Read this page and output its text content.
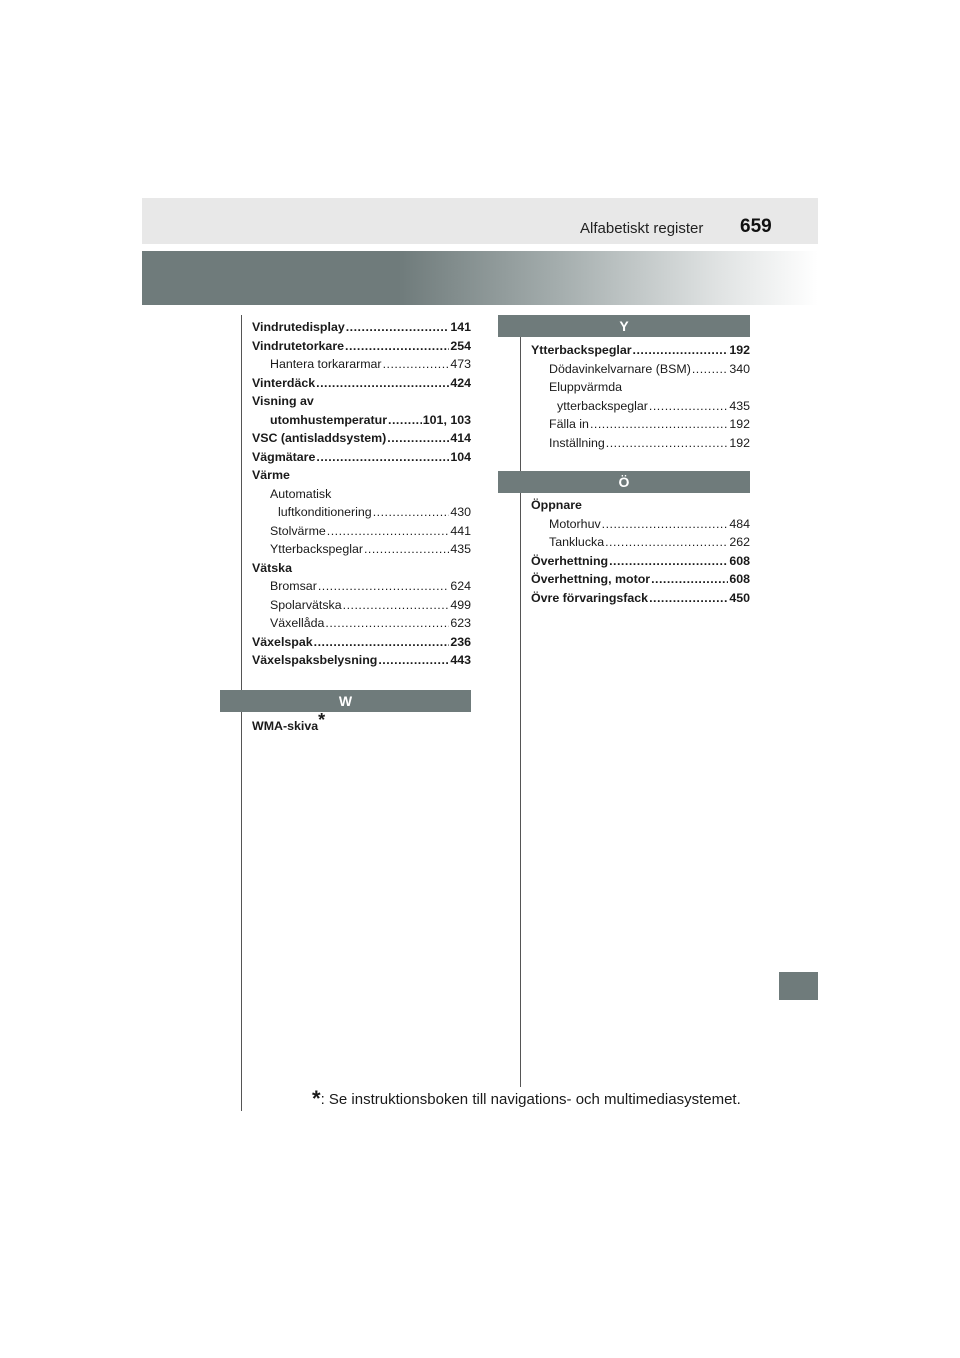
Alfabetiskt register 659
Vindrutedisplay .....	141
Vindrutetorkare .....	254
Hantera torkararmar .....	473
Vinterdäck .....	424
Visning av
utomhustemperatur .....	101, 103
VSC (antisladdsystem) .....	414
Vägmätare .....	104
Värme
Automatisk
luftkonditionering .....	430
Stolvärme .....	441
Ytterbackspeglar .....	435
Vätska
Bromsar .....	624
Spolarvätska .....	499
Växellåda .....	623
Växelspak .....	236
Växelspaksbelysning .....	443
W
WMA-skiva*
Y
Ytterbackspeglar .....	192
Dödavinkelvarnare (BSM) .....	340
Eluppvärmda
ytterbackspeglar .....	435
Fälla in .....	192
Inställning .....	192
Ö
Öppnare
Motorhuv .....	484
Tanklucka .....	262
Överhettning .....	608
Överhettning, motor .....	608
Övre förvaringsfack .....	450
*: Se instruktionsboken till navigations- och multimediasystemet.
